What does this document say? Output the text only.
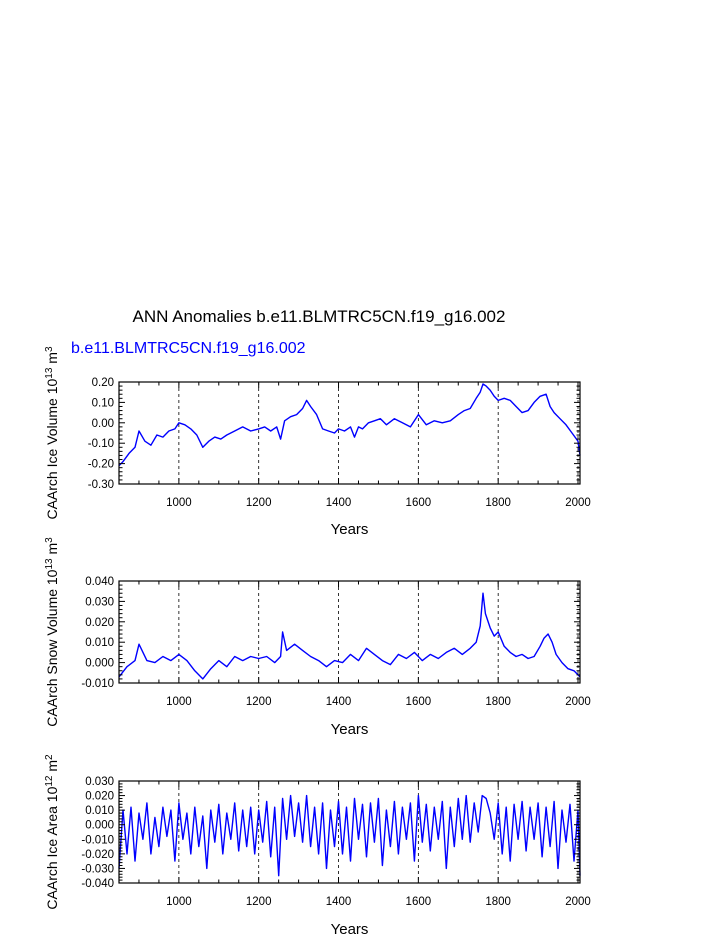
ANN Anomalies b.e11.BLMTRC5CN.f19_g16.002
b.e11.BLMTRC5CN.f19_g16.002
1000	1200	1400	1600	1800	2000
-0.30
-0.20
-0.10
0.00
0.10
0.20
Years
CAArch Ice Volume $10^{13}$ $m^3$
1000	1200	1400	1600	1800	2000
-0.010
0.000
0.010
0.020
0.030
0.040
Years
CAArch Snow Volume $10^{13}$ $m^3$
1000	1200	1400	1600	1800	2000
-0.040
-0.030
-0.020
-0.010
0.000
0.010
0.020
0.030
Years
CAArch Ice Area $10^{12}$ $m^2$
